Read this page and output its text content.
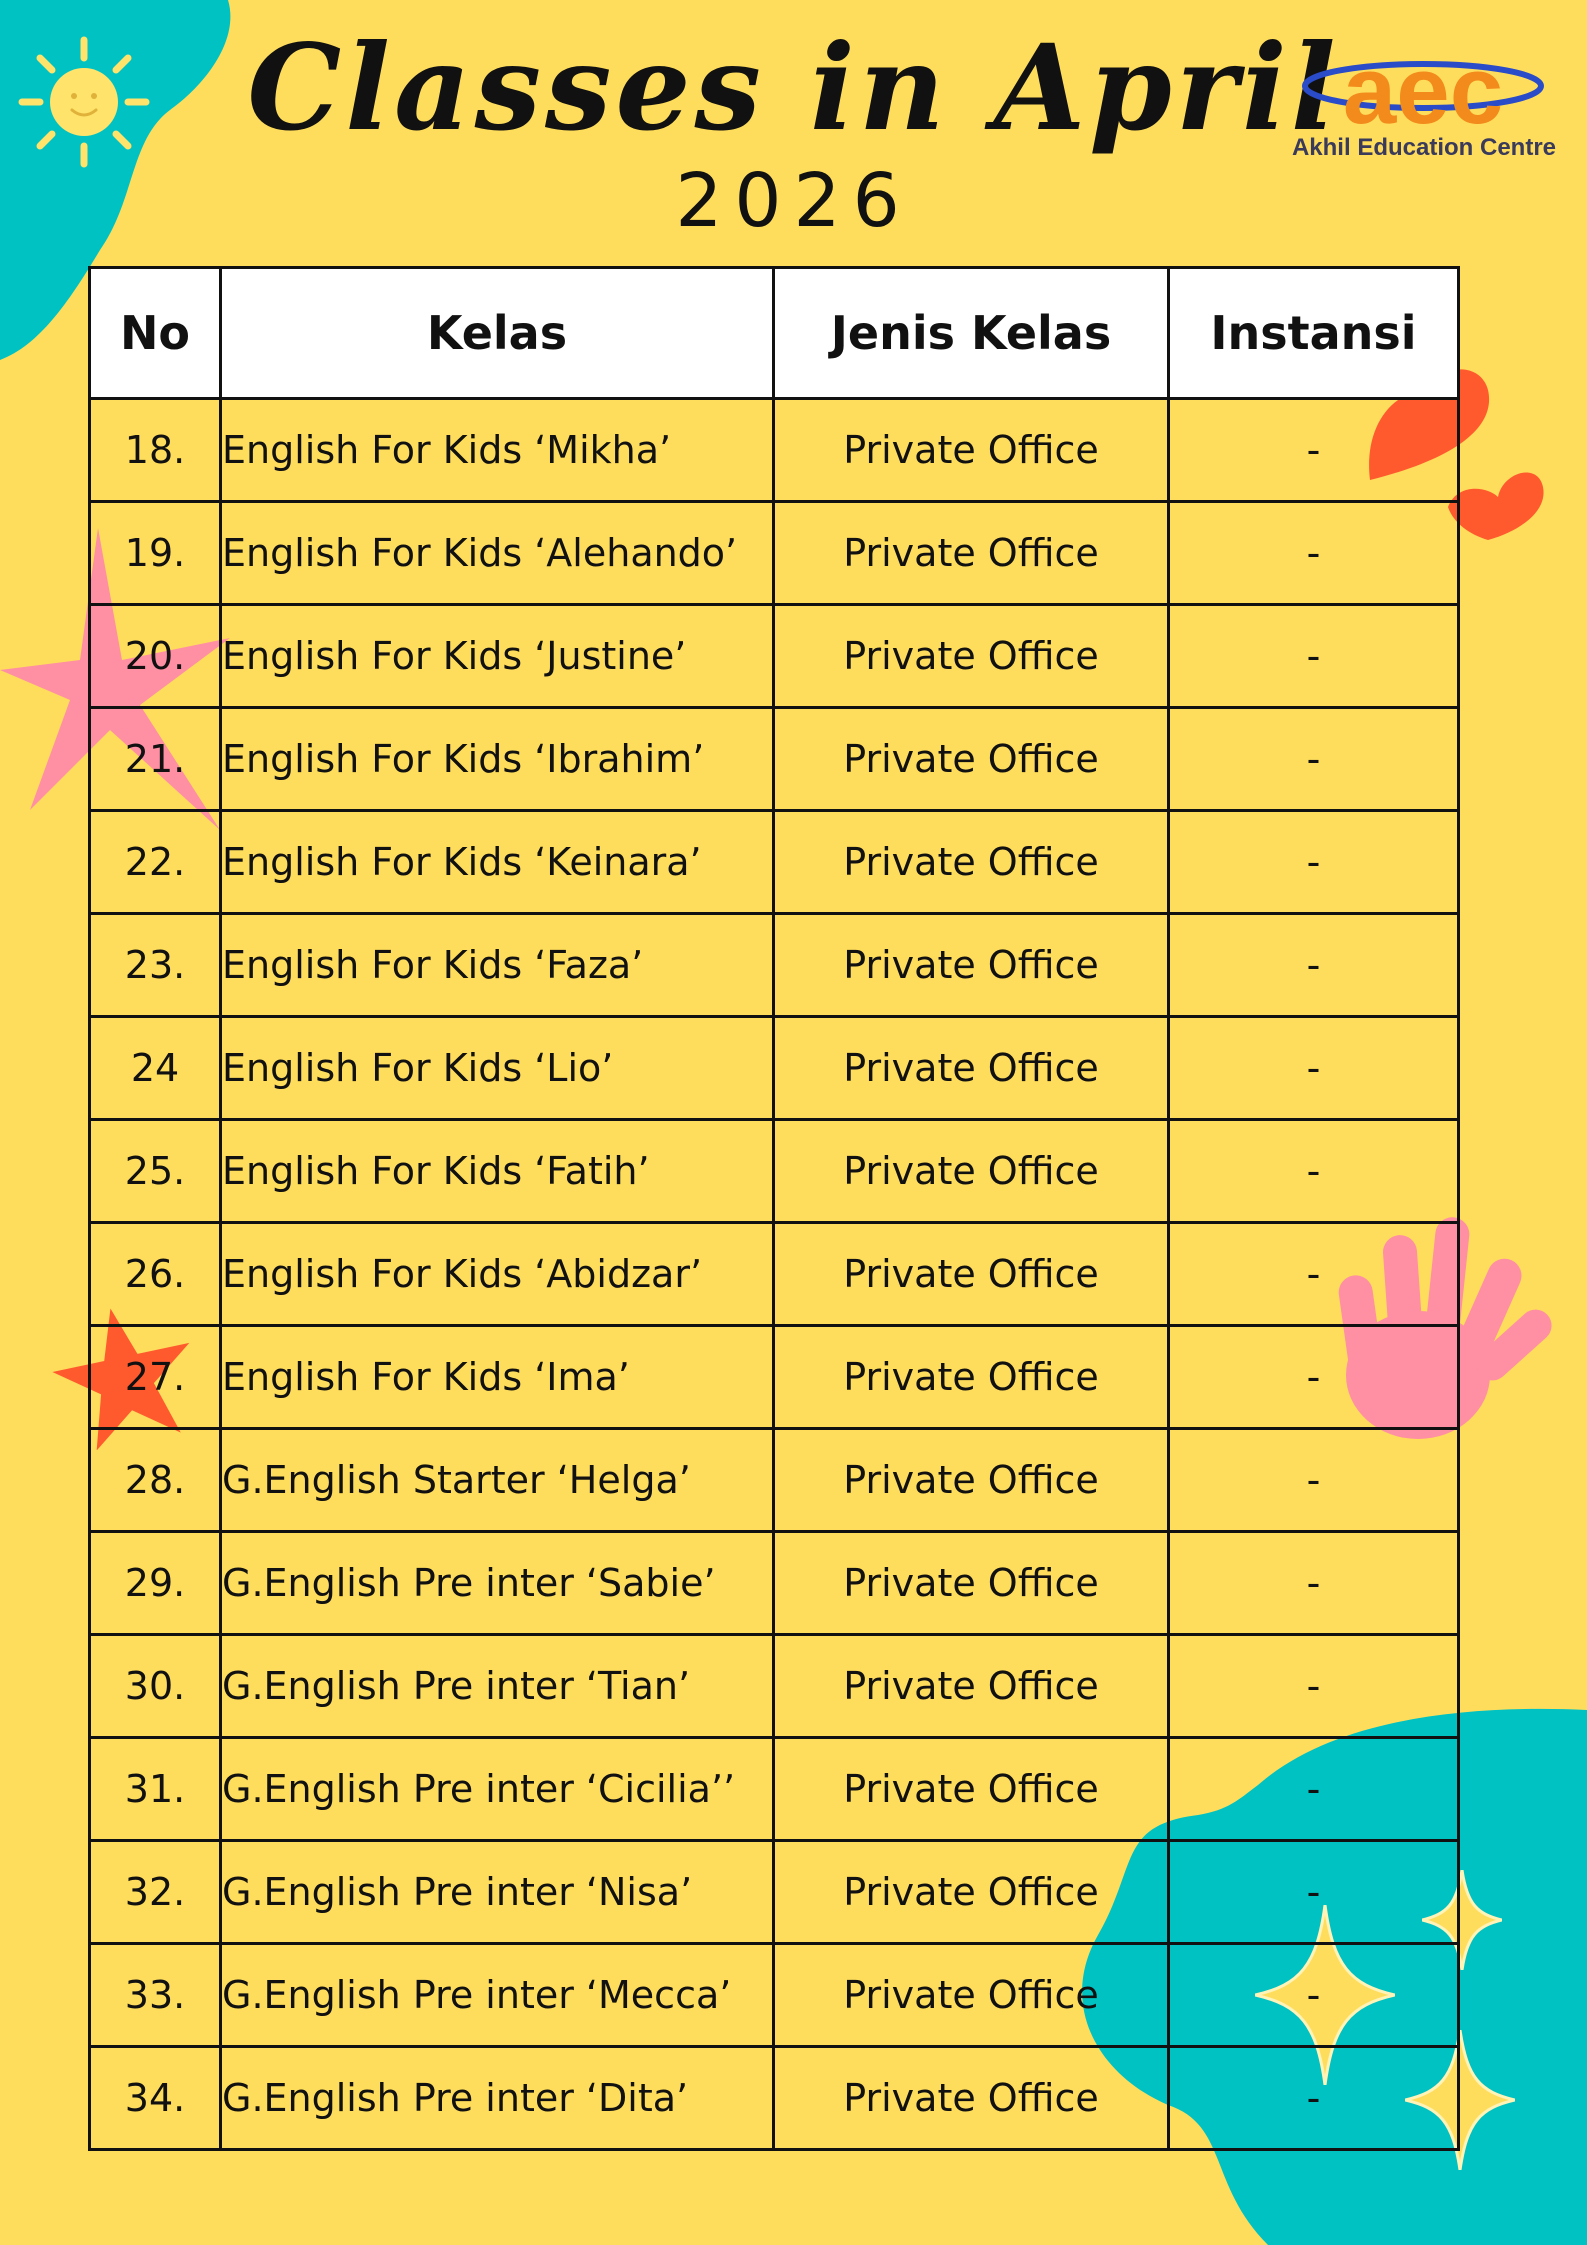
Classes in April
2026
aec
Akhil Education Centre
No	Kelas	Jenis Kelas	Instansi
18.	English For Kids ‘Mikha’	Private Office	-
19.	English For Kids ‘Alehando’	Private Office	-
20.	English For Kids ‘Justine’	Private Office	-
21.	English For Kids ‘Ibrahim’	Private Office	-
22.	English For Kids ‘Keinara’	Private Office	-
23.	English For Kids ‘Faza’	Private Office	-
24	English For Kids ‘Lio’	Private Office	-
25.	English For Kids ‘Fatih’	Private Office	-
26.	English For Kids ‘Abidzar’	Private Office	-
27.	English For Kids ‘Ima’	Private Office	-
28.	G.English Starter ‘Helga’	Private Office	-
29.	G.English Pre inter ‘Sabie’	Private Office	-
30.	G.English Pre inter ‘Tian’	Private Office	-
31.	G.English Pre inter ‘Cicilia’’	Private Office	-
32.	G.English Pre inter ‘Nisa’	Private Office	-
33.	G.English Pre inter ‘Mecca’	Private Office	-
34.	G.English Pre inter ‘Dita’	Private Office	-
